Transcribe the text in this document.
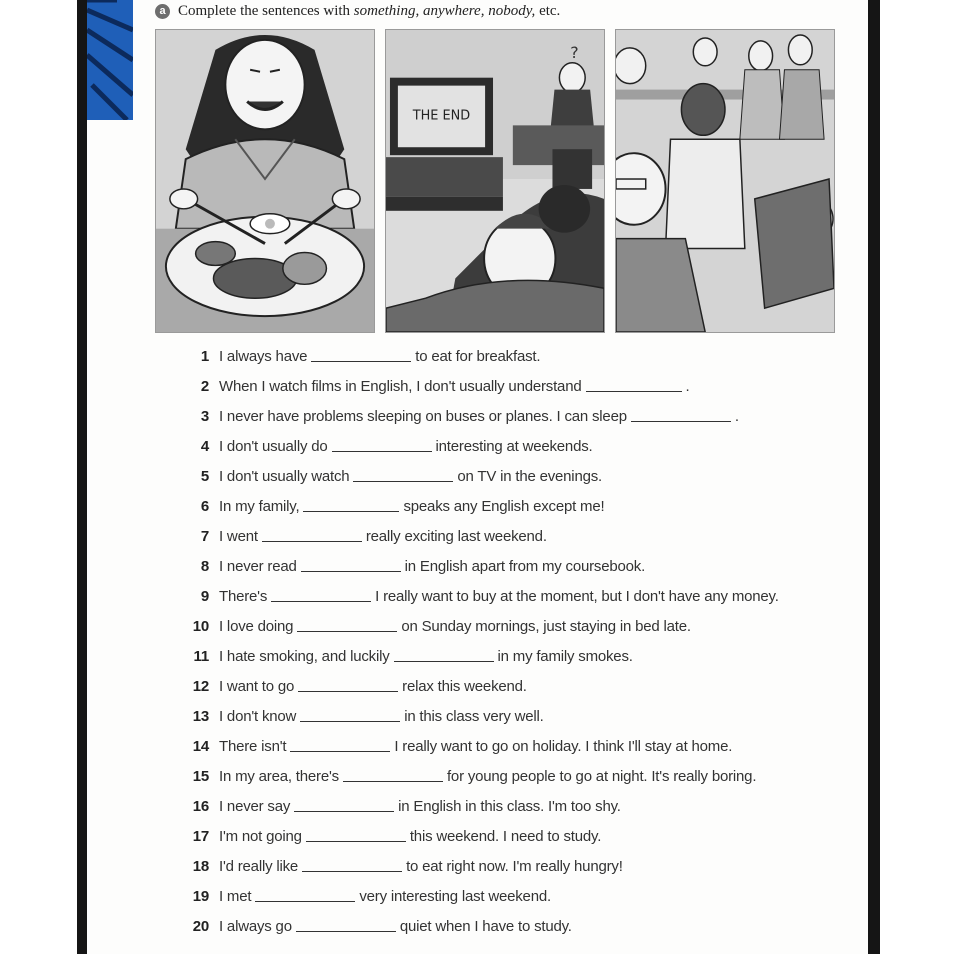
a Complete the sentences with something, anywhere, nobody, etc.
THE END
?
1 I always have	to eat for breakfast.
2 When I watch films in English, I don't usually understand	.
3 I never have problems sleeping on buses or planes. I can sleep	.
4 I don't usually do	interesting at weekends.
5 I don't usually watch	on TV in the evenings.
6 In my family,	speaks any English except me!
7 I went	really exciting last weekend.
8 I never read	in English apart from my coursebook.
9 There's	I really want to buy at the moment, but I don't have any money.
10 I love doing	on Sunday mornings, just staying in bed late.
11 I hate smoking, and luckily	in my family smokes.
12 I want to go	relax this weekend.
13 I don't know	in this class very well.
14 There isn't	I really want to go on holiday. I think I'll stay at home.
15 In my area, there's	for young people to go at night. It's really boring.
16 I never say	in English in this class. I'm too shy.
17 I'm not going	this weekend. I need to study.
18 I'd really like	to eat right now. I'm really hungry!
19 I met	very interesting last weekend.
20 I always go	quiet when I have to study.
